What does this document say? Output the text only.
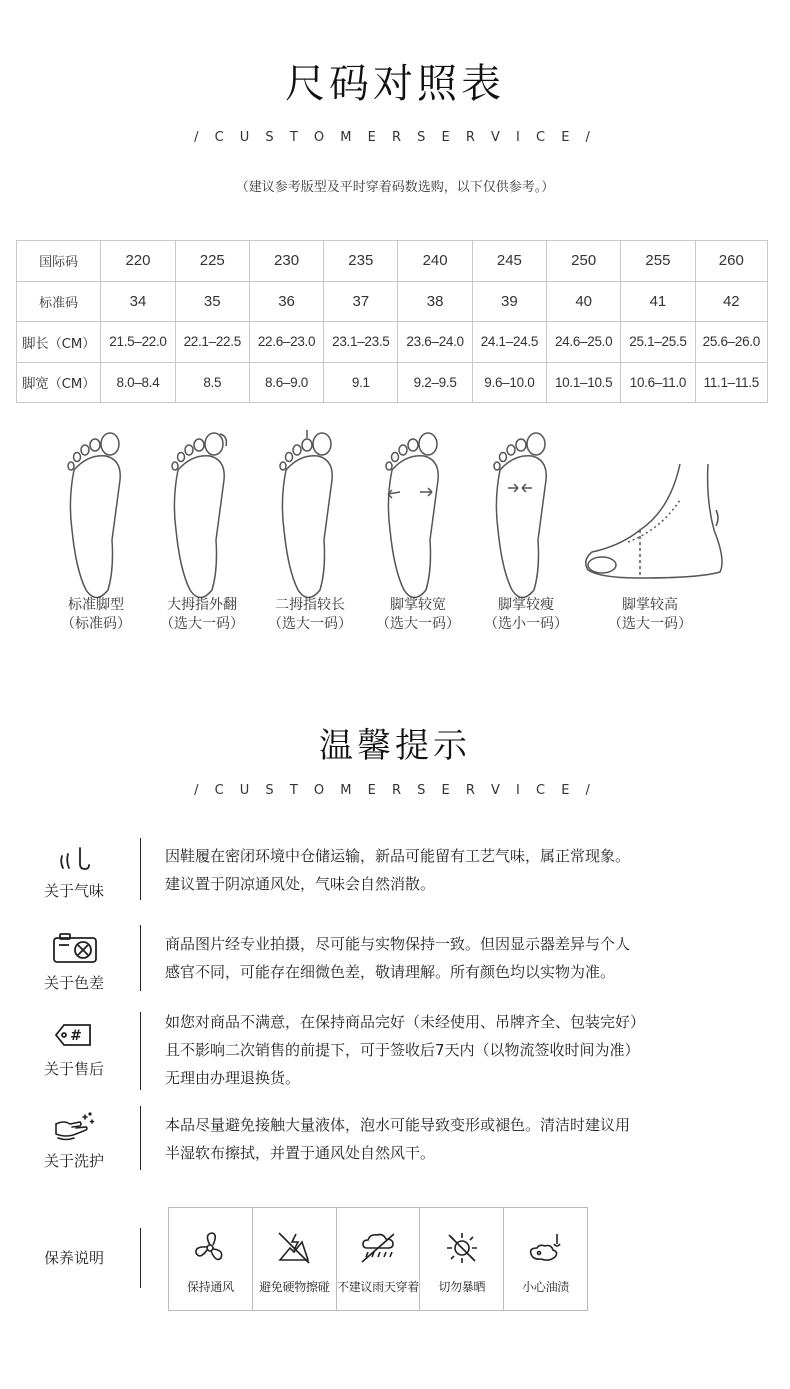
尺码对照表
/ C U S T O M E R S E R V I C E /
（建议参考版型及平时穿着码数选购，以下仅供参考。）
国际码	220	225	230	235	240	245	250	255	260
标准码	34	35	36	37	38	39	40	41	42
脚长（CM）	21.5–22.0	22.1–22.5	22.6–23.0	23.1–23.5	23.6–24.0	24.1–24.5	24.6–25.0	25.1–25.5	25.6–26.0
脚宽（CM）	8.0–8.4	8.5	8.6–9.0	9.1	9.2–9.5	9.6–10.0	10.1–10.5	10.6–11.0	11.1–11.5
标准脚型
（标准码）
大拇指外翻
（选大一码）
二拇指较长
（选大一码）
脚掌较宽
（选大一码）
脚掌较瘦
（选小一码）
脚掌较高
（选大一码）
温馨提示
/ C U S T O M E R S E R V I C E /
关于气味
因鞋履在密闭环境中仓储运输，新品可能留有工艺气味，属正常现象。
建议置于阴凉通风处，气味会自然消散。
关于色差
商品图片经专业拍摄，尽可能与实物保持一致。但因显示器差异与个人
感官不同，可能存在细微色差，敬请理解。所有颜色均以实物为准。
#
关于售后
如您对商品不满意，在保持商品完好（未经使用、吊牌齐全、包装完好）
且不影响二次销售的前提下，可于签收后7天内（以物流签收时间为准）
无理由办理退换货。
关于洗护
本品尽量避免接触大量液体，泡水可能导致变形或褪色。清洁时建议用
半湿软布擦拭，并置于通风处自然风干。
保养说明
保持通风	避免硬物擦碰 不建议雨天穿着	切勿暴晒	小心油渍
